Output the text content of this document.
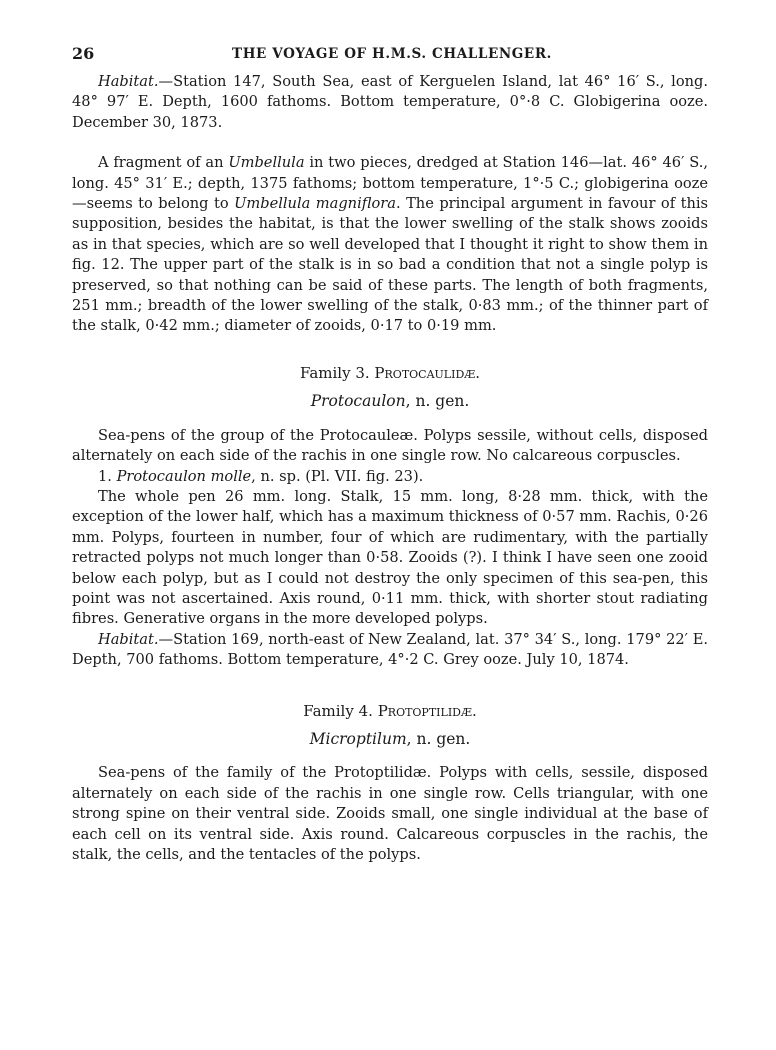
26	THE VOYAGE OF H.M.S. CHALLENGER.

Habitat.—Station 147, South Sea, east of Kerguelen Island, lat 46° 16′ S., long. 48° 97′ E. Depth, 1600 fathoms. Bottom temperature, 0°·8 C. Globigerina ooze. December 30, 1873.

A fragment of an Umbellula in two pieces, dredged at Station 146—lat. 46° 46′ S., long. 45° 31′ E.; depth, 1375 fathoms; bottom temperature, 1°·5 C.; globigerina ooze—seems to belong to Umbellula magniflora. The principal argument in favour of this supposition, besides the habitat, is that the lower swelling of the stalk shows zooids as in that species, which are so well developed that I thought it right to show them in fig. 12. The upper part of the stalk is in so bad a condition that not a single polyp is preserved, so that nothing can be said of these parts. The length of both fragments, 251 mm.; breadth of the lower swelling of the stalk, 0·83 mm.; of the thinner part of the stalk, 0·42 mm.; diameter of zooids, 0·17 to 0·19 mm.

Family 3. Protocaulidæ.

Protocaulon, n. gen.

Sea-pens of the group of the Protocauleæ. Polyps sessile, without cells, disposed alternately on each side of the rachis in one single row. No calcareous corpuscles.

1. Protocaulon molle, n. sp. (Pl. VII. fig. 23).

The whole pen 26 mm. long. Stalk, 15 mm. long, 8·28 mm. thick, with the exception of the lower half, which has a maximum thickness of 0·57 mm. Rachis, 0·26 mm. Polyps, fourteen in number, four of which are rudimentary, with the partially retracted polyps not much longer than 0·58. Zooids (?). I think I have seen one zooid below each polyp, but as I could not destroy the only specimen of this sea-pen, this point was not ascertained. Axis round, 0·11 mm. thick, with shorter stout radiating fibres. Generative organs in the more developed polyps.

Habitat.—Station 169, north-east of New Zealand, lat. 37° 34′ S., long. 179° 22′ E. Depth, 700 fathoms. Bottom temperature, 4°·2 C. Grey ooze. July 10, 1874.

Family 4. Protoptilidæ.

Microptilum, n. gen.

Sea-pens of the family of the Protoptilidæ. Polyps with cells, sessile, disposed alternately on each side of the rachis in one single row. Cells triangular, with one strong spine on their ventral side. Zooids small, one single individual at the base of each cell on its ventral side. Axis round. Calcareous corpuscles in the rachis, the stalk, the cells, and the tentacles of the polyps.
